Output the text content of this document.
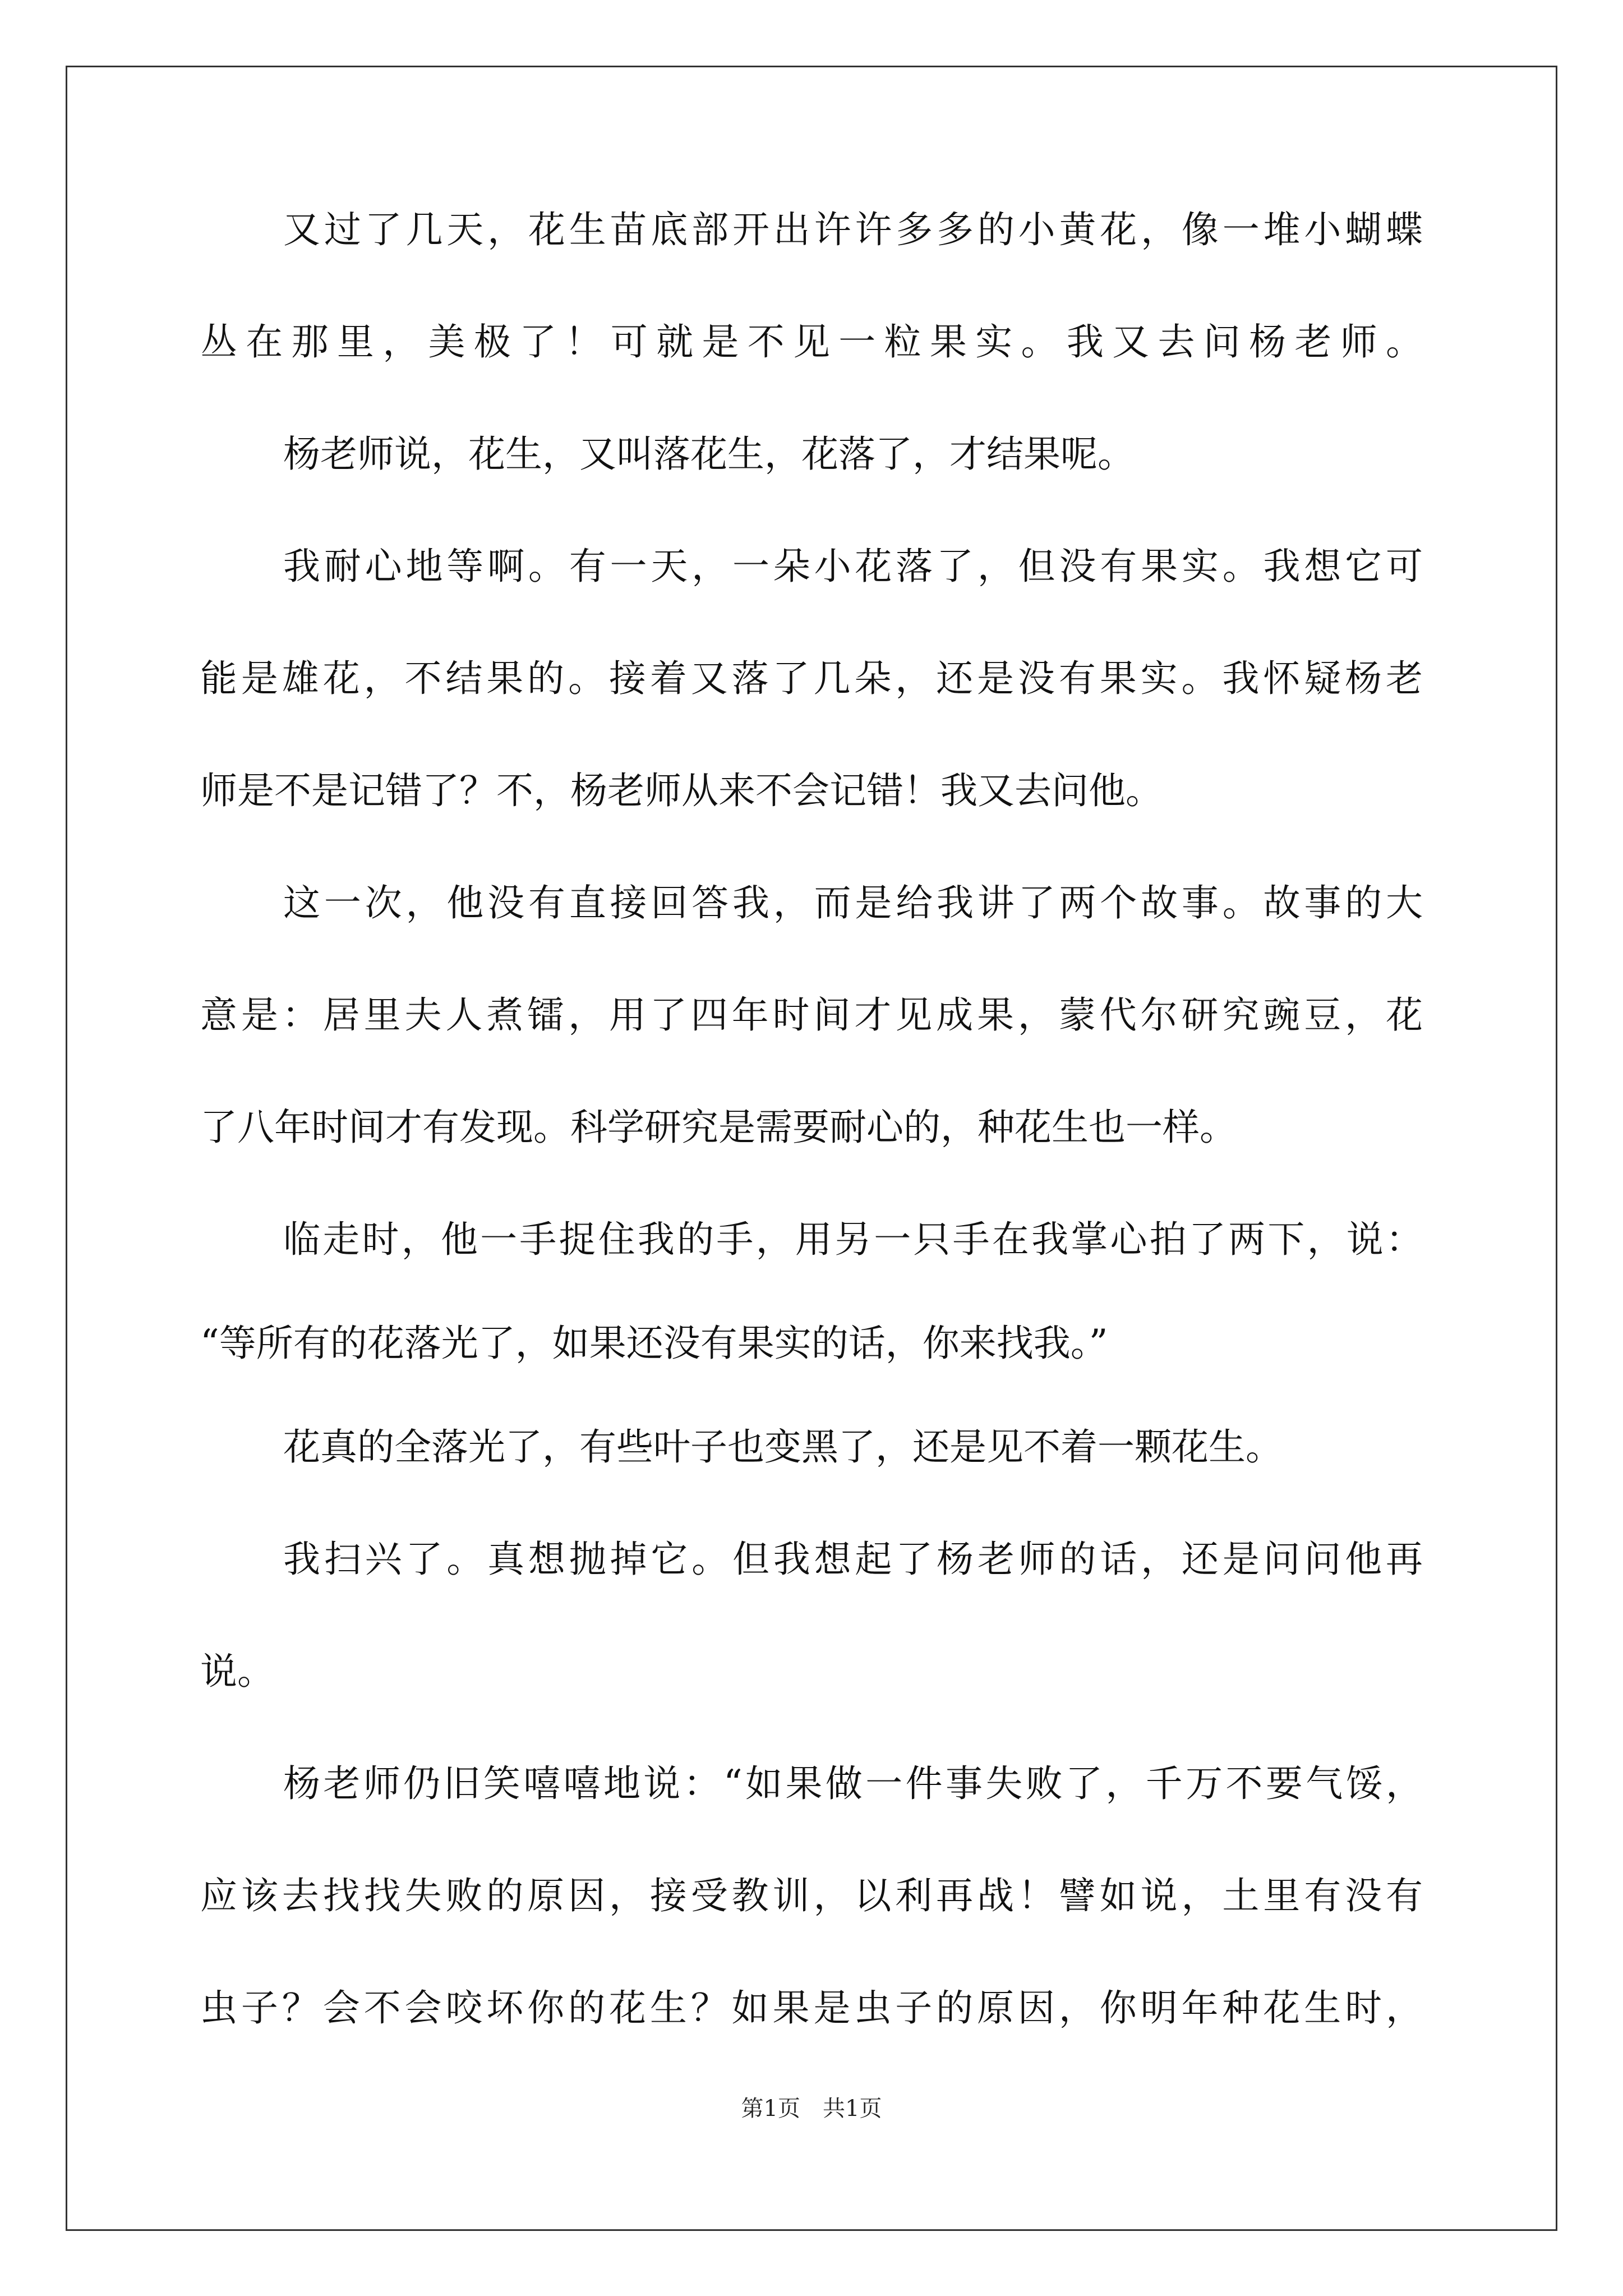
又过了几天，花生苗底部开出许许多多的小黄花，像一堆小蝴蝶
丛在那里，美极了！可就是不见一粒果实。我又去问杨老师。
杨老师说，花生，又叫落花生，花落了，才结果呢。
我耐心地等啊。有一天，一朵小花落了，但没有果实。我想它可
能是雄花，不结果的。接着又落了几朵，还是没有果实。我怀疑杨老
师是不是记错了？不，杨老师从来不会记错！我又去问他。
这一次，他没有直接回答我，而是给我讲了两个故事。故事的大
意是：居里夫人煮镭，用了四年时间才见成果，蒙代尔研究豌豆，花
了八年时间才有发现。科学研究是需要耐心的，种花生也一样。
临走时，他一手捉住我的手，用另一只手在我掌心拍了两下，说：
“等所有的花落光了，如果还没有果实的话，你来找我。”
花真的全落光了，有些叶子也变黑了，还是见不着一颗花生。
我扫兴了。真想抛掉它。但我想起了杨老师的话，还是问问他再
说。
杨老师仍旧笑嘻嘻地说：“如果做一件事失败了，千万不要气馁，
应该去找找失败的原因，接受教训，以利再战！譬如说，土里有没有
虫子？会不会咬坏你的花生？如果是虫子的原因，你明年种花生时，
第1页 共1页
